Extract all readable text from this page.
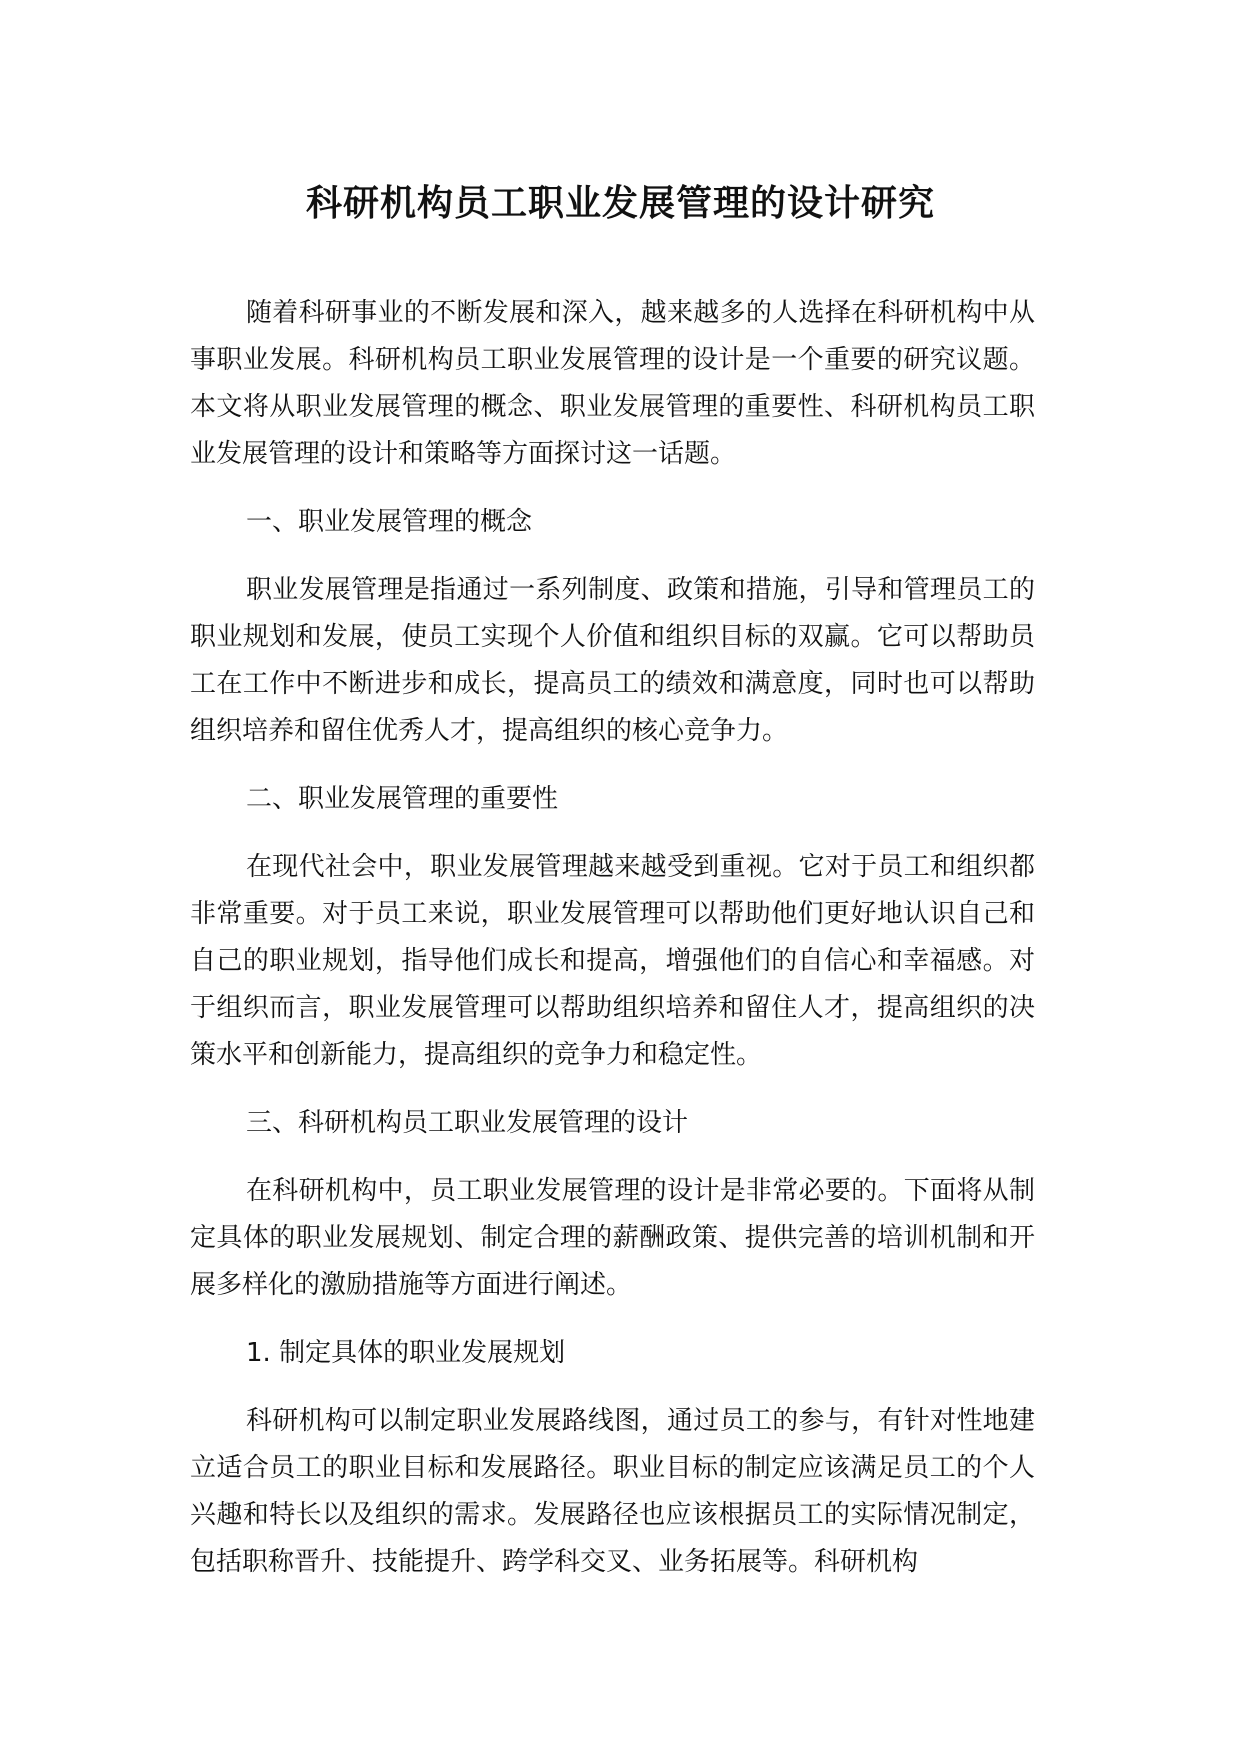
科研机构员工职业发展管理的设计研究

随着科研事业的不断发展和深入，越来越多的人选择在科研机构中从事职业发展。科研机构员工职业发展管理的设计是一个重要的研究议题。本文将从职业发展管理的概念、职业发展管理的重要性、科研机构员工职业发展管理的设计和策略等方面探讨这一话题。

一、职业发展管理的概念

职业发展管理是指通过一系列制度、政策和措施，引导和管理员工的职业规划和发展，使员工实现个人价值和组织目标的双赢。它可以帮助员工在工作中不断进步和成长，提高员工的绩效和满意度，同时也可以帮助组织培养和留住优秀人才，提高组织的核心竞争力。

二、职业发展管理的重要性

在现代社会中，职业发展管理越来越受到重视。它对于员工和组织都非常重要。对于员工来说，职业发展管理可以帮助他们更好地认识自己和自己的职业规划，指导他们成长和提高，增强他们的自信心和幸福感。对于组织而言，职业发展管理可以帮助组织培养和留住人才，提高组织的决策水平和创新能力，提高组织的竞争力和稳定性。

三、科研机构员工职业发展管理的设计

在科研机构中，员工职业发展管理的设计是非常必要的。下面将从制定具体的职业发展规划、制定合理的薪酬政策、提供完善的培训机制和开展多样化的激励措施等方面进行阐述。

1. 制定具体的职业发展规划

科研机构可以制定职业发展路线图，通过员工的参与，有针对性地建立适合员工的职业目标和发展路径。职业目标的制定应该满足员工的个人兴趣和特长以及组织的需求。发展路径也应该根据员工的实际情况制定，包括职称晋升、技能提升、跨学科交叉、业务拓展等。科研机构
